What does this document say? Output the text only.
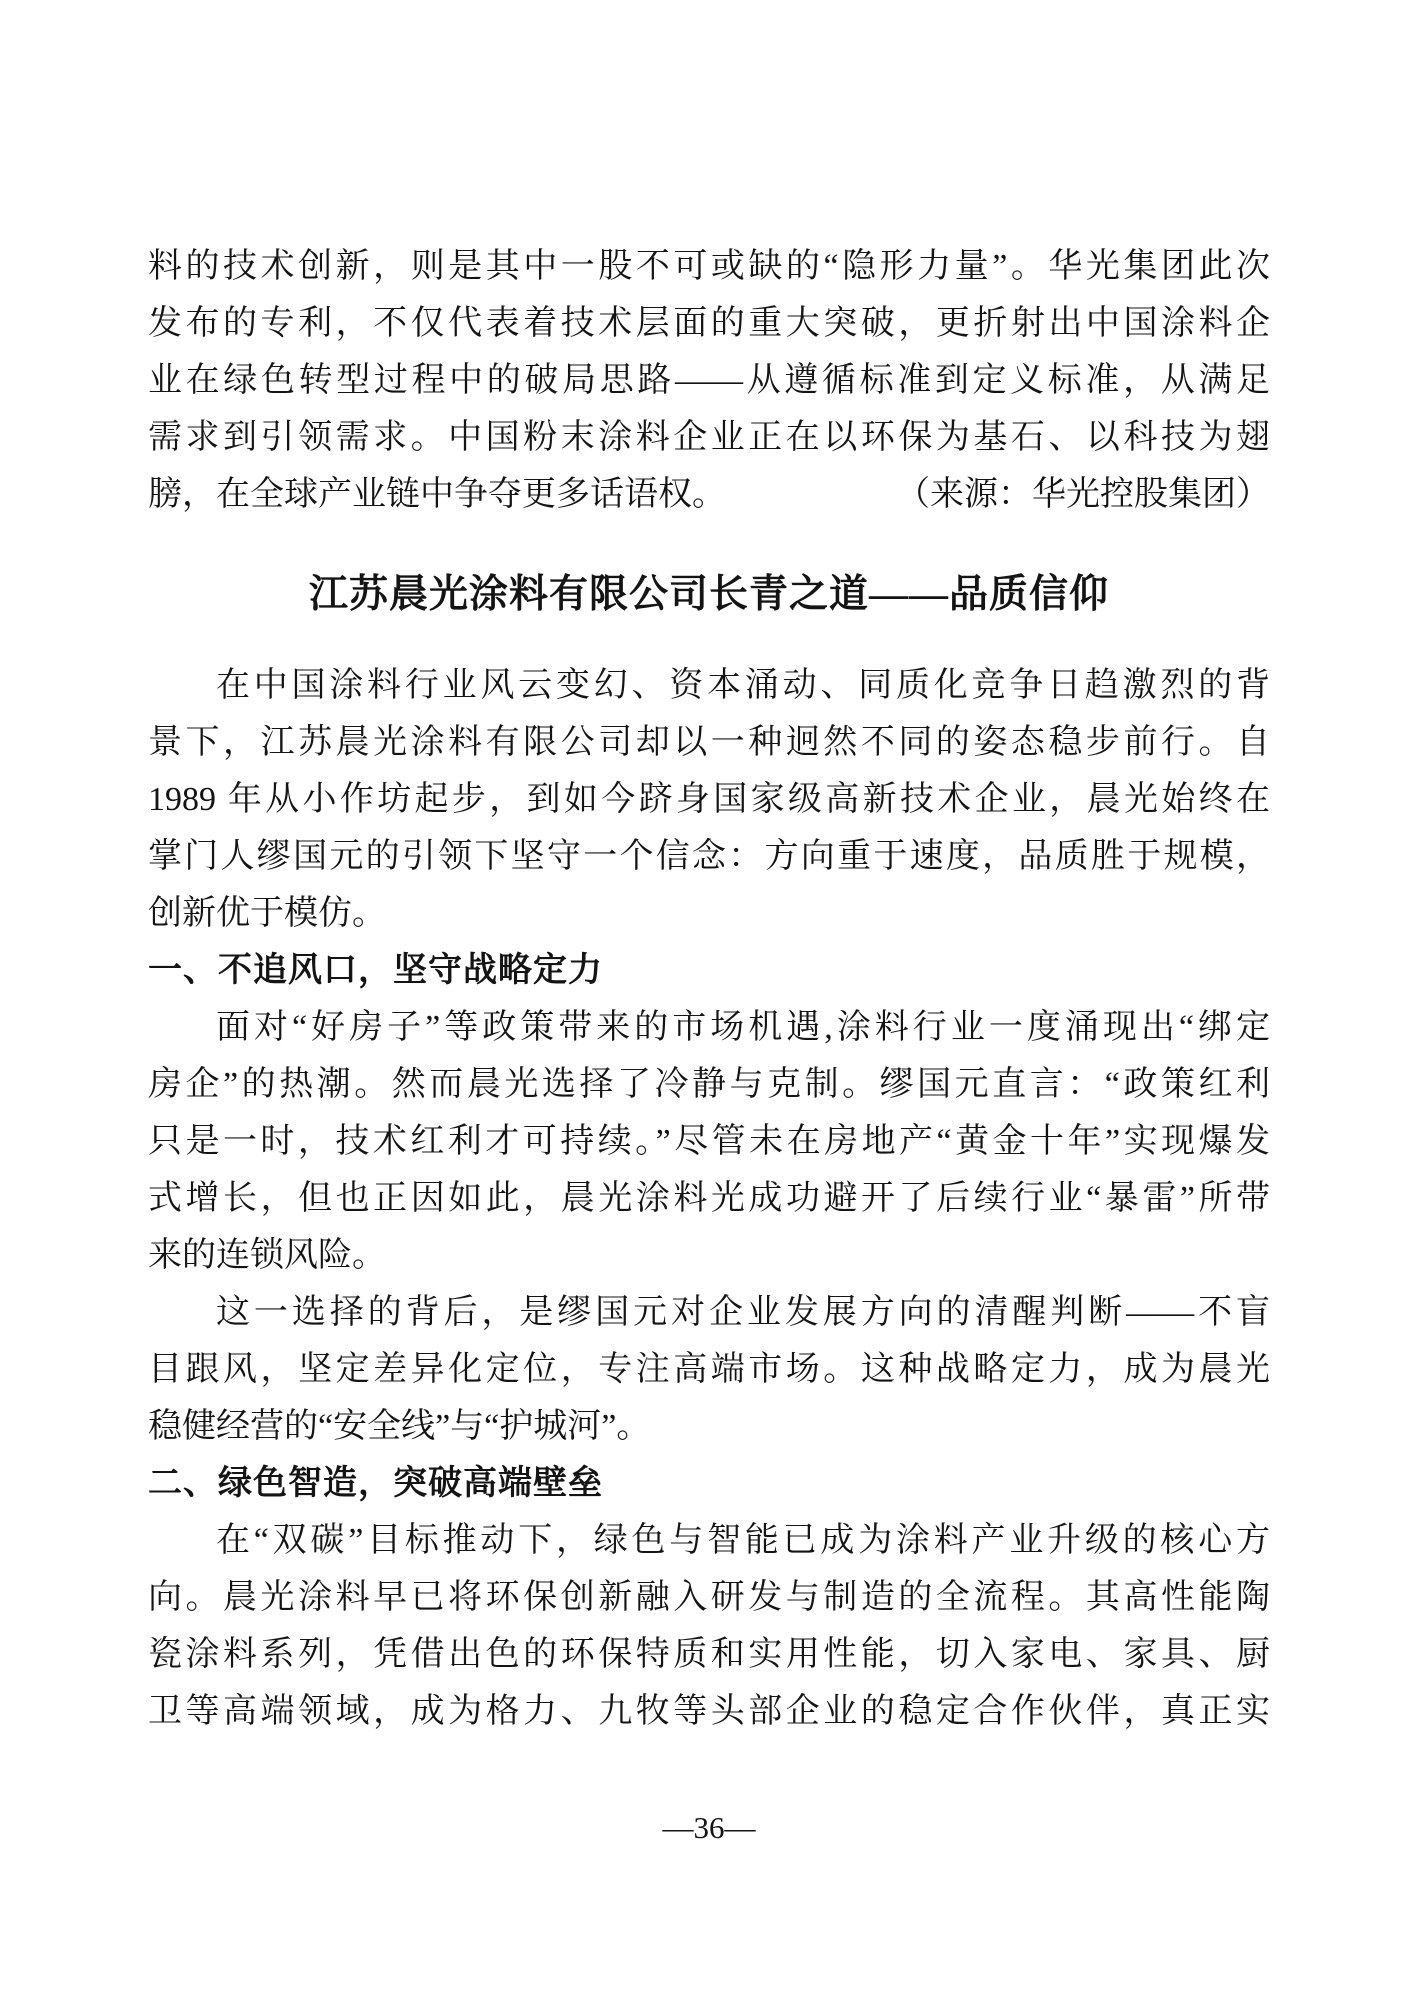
料的技术创新，则是其中一股不可或缺的“隐形力量”。华光集团此次
发布的专利，不仅代表着技术层面的重大突破，更折射出中国涂料企
业在绿色转型过程中的破局思路——从遵循标准到定义标准，从满足
需求到引领需求。中国粉末涂料企业正在以环保为基石、以科技为翅
膀，在全球产业链中争夺更多话语权。	（来源：华光控股集团）
江苏晨光涂料有限公司长青之道——品质信仰
在中国涂料行业风云变幻、资本涌动、同质化竞争日趋激烈的背
景下，江苏晨光涂料有限公司却以一种迥然不同的姿态稳步前行。自
1989 年从小作坊起步，到如今跻身国家级高新技术企业，晨光始终在
掌门人缪国元的引领下坚守一个信念：方向重于速度，品质胜于规模，
创新优于模仿。
一、不追风口，坚守战略定力
面对“好房子”等政策带来的市场机遇,涂料行业一度涌现出“绑定
房企”的热潮。然而晨光选择了冷静与克制。缪国元直言：“政策红利
只是一时，技术红利才可持续。”尽管未在房地产“黄金十年”实现爆发
式增长，但也正因如此，晨光涂料光成功避开了后续行业“暴雷”所带
来的连锁风险。
这一选择的背后，是缪国元对企业发展方向的清醒判断——不盲
目跟风，坚定差异化定位，专注高端市场。这种战略定力，成为晨光
稳健经营的“安全线”与“护城河”。
二、绿色智造，突破高端壁垒
在“双碳”目标推动下，绿色与智能已成为涂料产业升级的核心方
向。晨光涂料早已将环保创新融入研发与制造的全流程。其高性能陶
瓷涂料系列，凭借出色的环保特质和实用性能，切入家电、家具、厨
卫等高端领域，成为格力、九牧等头部企业的稳定合作伙伴，真正实
—36—
